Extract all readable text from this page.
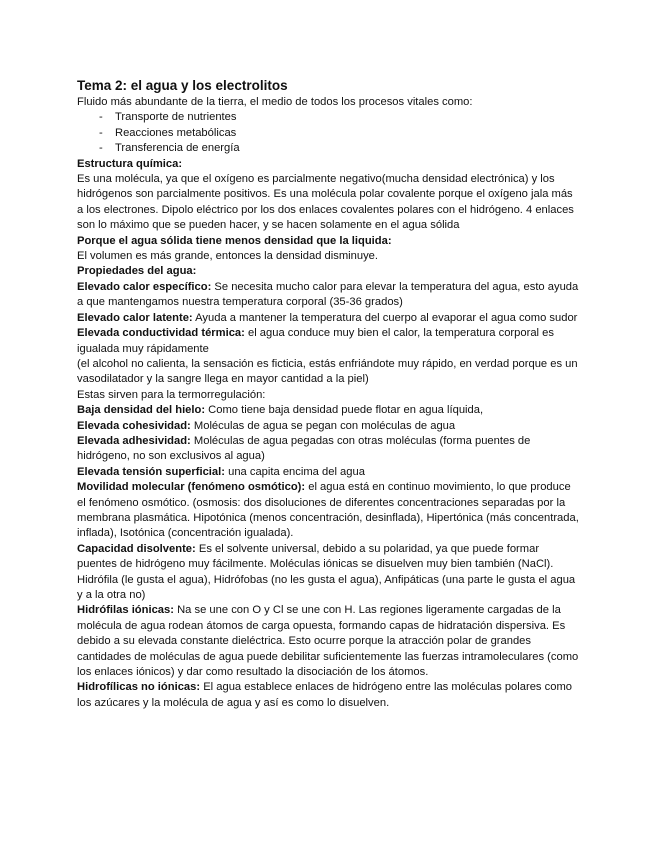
Tema 2: el agua y los electrolitos

Fluido más abundante de la tierra, el medio de todos los procesos vitales como:

- Transporte de nutrientes
- Reacciones metabólicas
- Transferencia de energía

Estructura química:

Es una molécula, ya que el oxígeno es parcialmente negativo(mucha densidad electrónica) y los hidrógenos son parcialmente positivos. Es una molécula polar covalente porque el oxígeno jala más a los electrones. Dipolo eléctrico por los dos enlaces covalentes polares con el hidrógeno. 4 enlaces son lo máximo que se pueden hacer, y se hacen solamente en el agua sólida

Porque el agua sólida tiene menos densidad que la liquida:

El volumen es más grande, entonces la densidad disminuye.

Propiedades del agua:

Elevado calor específico: Se necesita mucho calor para elevar la temperatura del agua, esto ayuda a que mantengamos nuestra temperatura corporal (35-36 grados)

Elevado calor latente: Ayuda a mantener la temperatura del cuerpo al evaporar el agua como sudor

Elevada conductividad térmica: el agua conduce muy bien el calor, la temperatura corporal es igualada muy rápidamente

(el alcohol no calienta, la sensación es ficticia, estás enfriándote muy rápido, en verdad porque es un vasodilatador y la sangre llega en mayor cantidad a la piel)

Estas sirven para la termorregulación:

Baja densidad del hielo: Como tiene baja densidad puede flotar en agua líquida,

Elevada cohesividad: Moléculas de agua se pegan con moléculas de agua

Elevada adhesividad: Moléculas de agua pegadas con otras moléculas (forma puentes de hidrógeno, no son exclusivos al agua)

Elevada tensión superficial: una capita encima del agua

Movilidad molecular (fenómeno osmótico): el agua está en continuo movimiento, lo que produce el fenómeno osmótico. (osmosis: dos disoluciones de diferentes concentraciones separadas por la membrana plasmática. Hipotónica (menos concentración, desinflada), Hipertónica (más concentrada, inflada), Isotónica (concentración igualada).

Capacidad disolvente: Es el solvente universal, debido a su polaridad, ya que puede formar puentes de hidrógeno muy fácilmente. Moléculas iónicas se disuelven muy bien también (NaCl). Hidrófila (le gusta el agua), Hidrófobas (no les gusta el agua), Anfipáticas (una parte le gusta el agua y a la otra no)

Hidrófilas iónicas: Na se une con O y Cl se une con H. Las regiones ligeramente cargadas de la molécula de agua rodean átomos de carga opuesta, formando capas de hidratación dispersiva. Es debido a su elevada constante dieléctrica. Esto ocurre porque la atracción polar de grandes cantidades de moléculas de agua puede debilitar suficientemente las fuerzas intramoleculares (como los enlaces iónicos) y dar como resultado la disociación de los átomos.

Hidrofílicas no iónicas: El agua establece enlaces de hidrógeno entre las moléculas polares como los azúcares y la molécula de agua y así es como lo disuelven.
